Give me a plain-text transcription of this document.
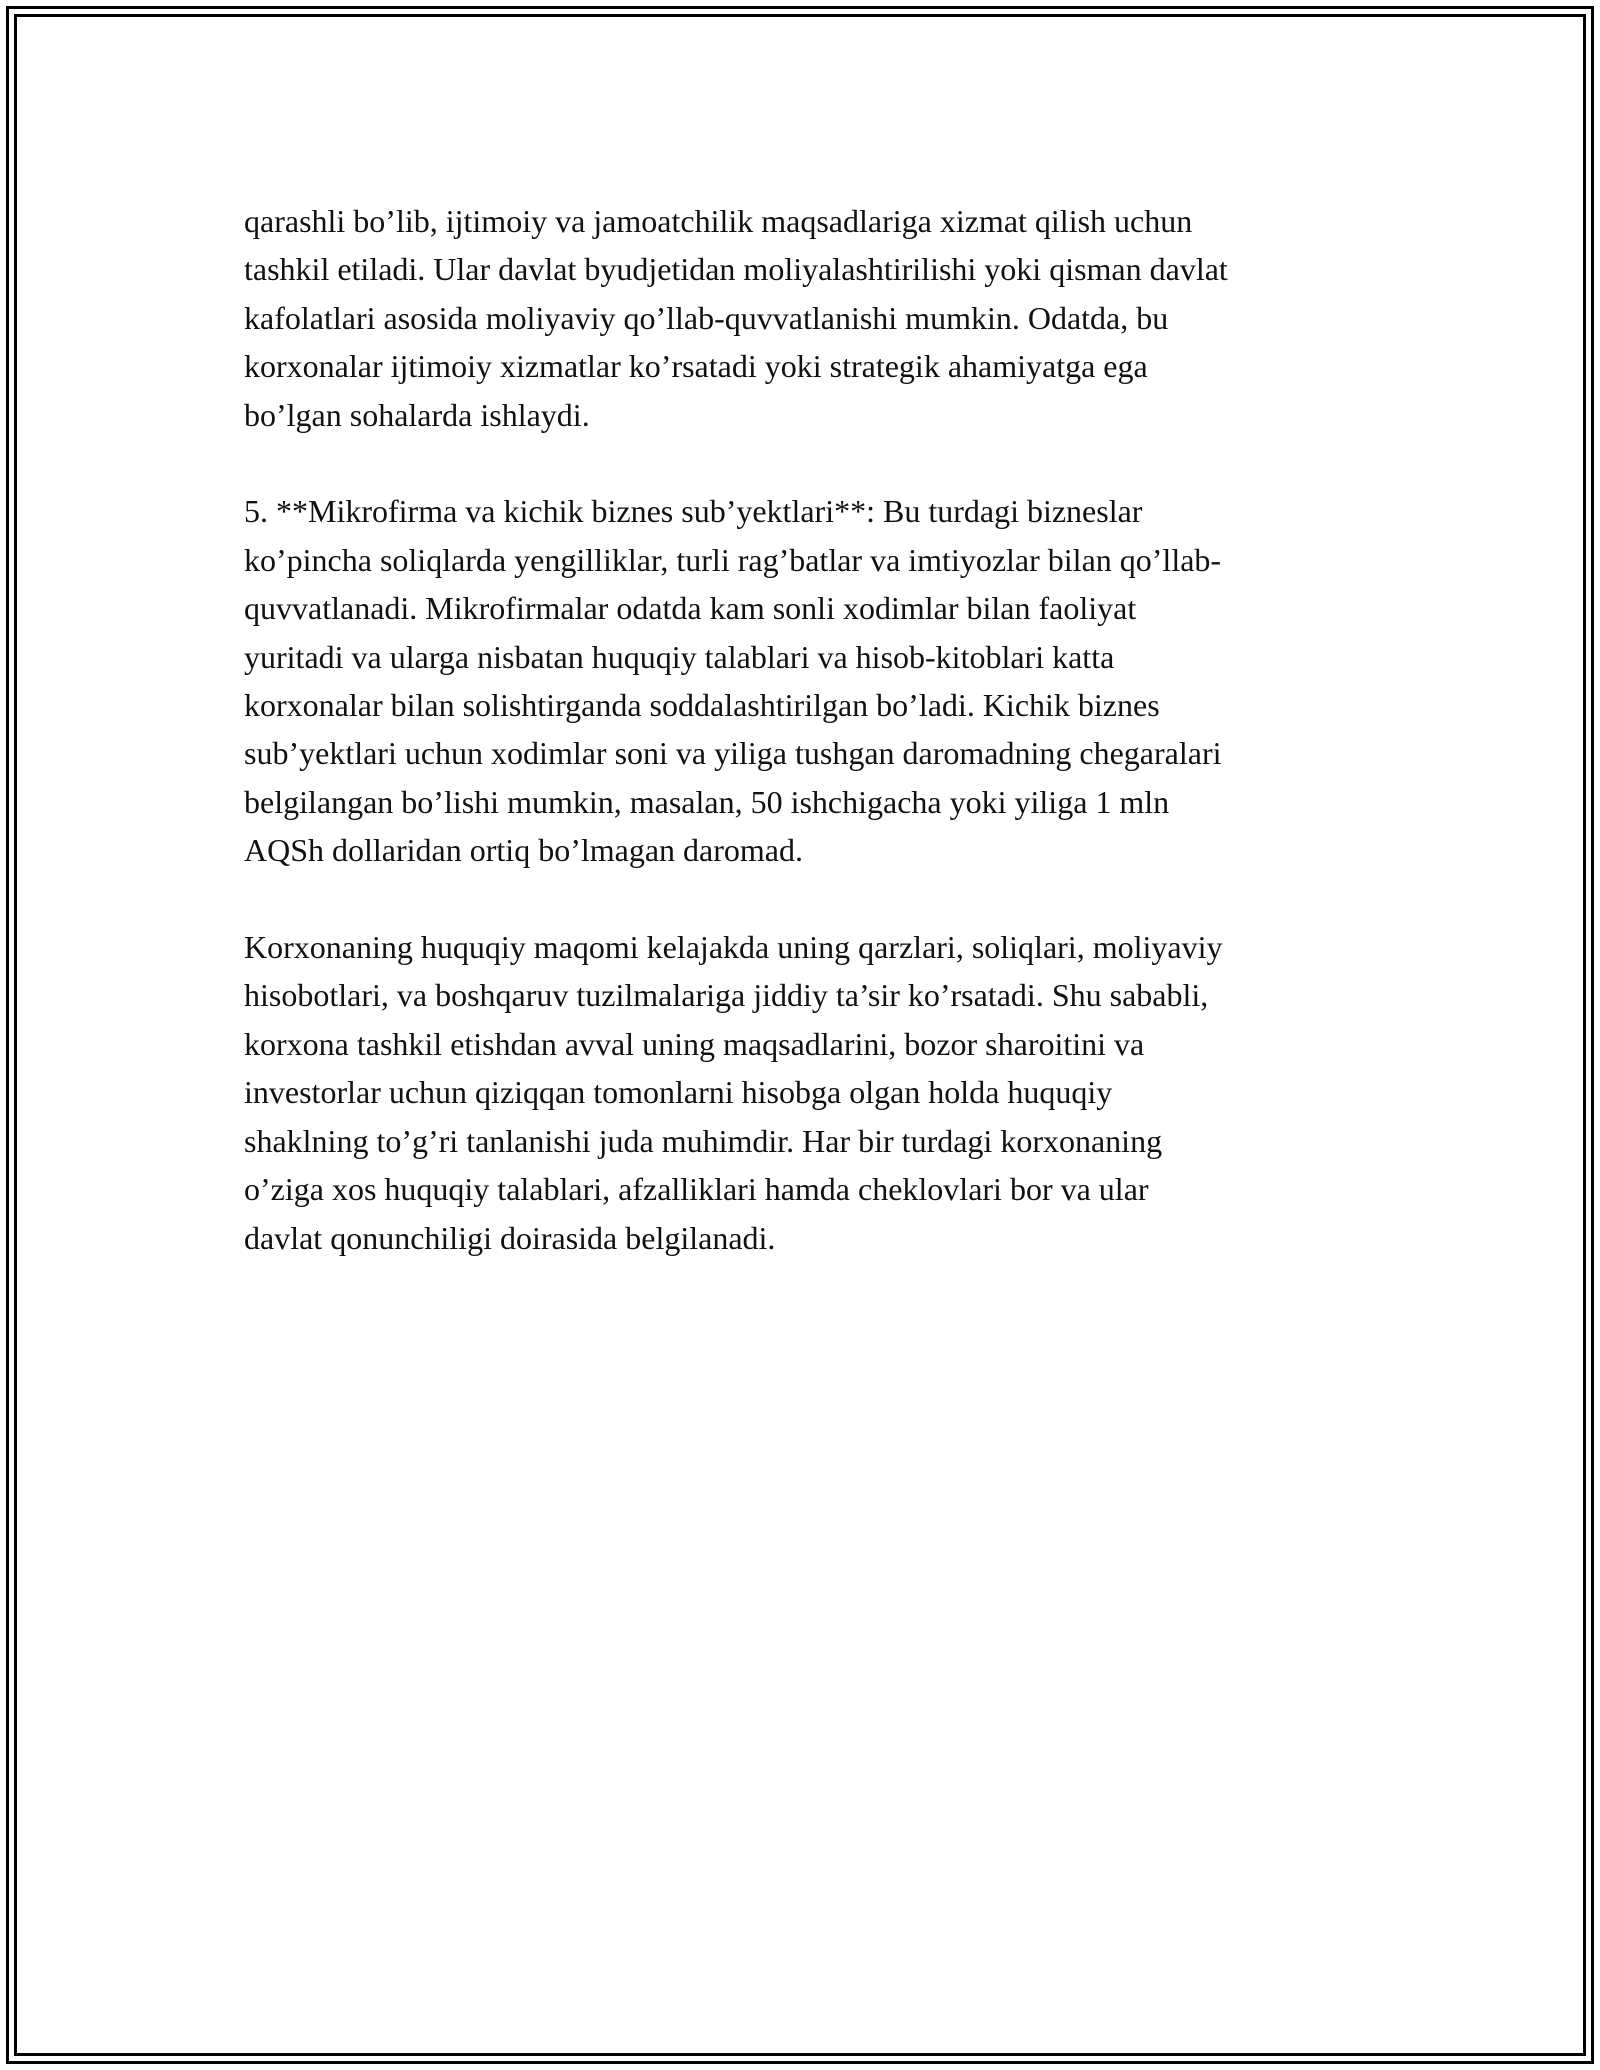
qarashli bo’lib, ijtimoiy va jamoatchilik maqsadlariga xizmat qilish uchun
tashkil etiladi. Ular davlat byudjetidan moliyalashtirilishi yoki qisman davlat
kafolatlari asosida moliyaviy qo’llab-quvvatlanishi mumkin. Odatda, bu
korxonalar ijtimoiy xizmatlar ko’rsatadi yoki strategik ahamiyatga ega
bo’lgan sohalarda ishlaydi.
5. **Mikrofirma va kichik biznes sub’yektlari**: Bu turdagi bizneslar
ko’pincha soliqlarda yengilliklar, turli rag’batlar va imtiyozlar bilan qo’llab-
quvvatlanadi. Mikrofirmalar odatda kam sonli xodimlar bilan faoliyat
yuritadi va ularga nisbatan huquqiy talablari va hisob-kitoblari katta
korxonalar bilan solishtirganda soddalashtirilgan bo’ladi. Kichik biznes
sub’yektlari uchun xodimlar soni va yiliga tushgan daromadning chegaralari
belgilangan bo’lishi mumkin, masalan, 50 ishchigacha yoki yiliga 1 mln
AQSh dollaridan ortiq bo’lmagan daromad.
Korxonaning huquqiy maqomi kelajakda uning qarzlari, soliqlari, moliyaviy
hisobotlari, va boshqaruv tuzilmalariga jiddiy ta’sir ko’rsatadi. Shu sababli,
korxona tashkil etishdan avval uning maqsadlarini, bozor sharoitini va
investorlar uchun qiziqqan tomonlarni hisobga olgan holda huquqiy
shaklning to’g’ri tanlanishi juda muhimdir. Har bir turdagi korxonaning
o’ziga xos huquqiy talablari, afzalliklari hamda cheklovlari bor va ular
davlat qonunchiligi doirasida belgilanadi.
